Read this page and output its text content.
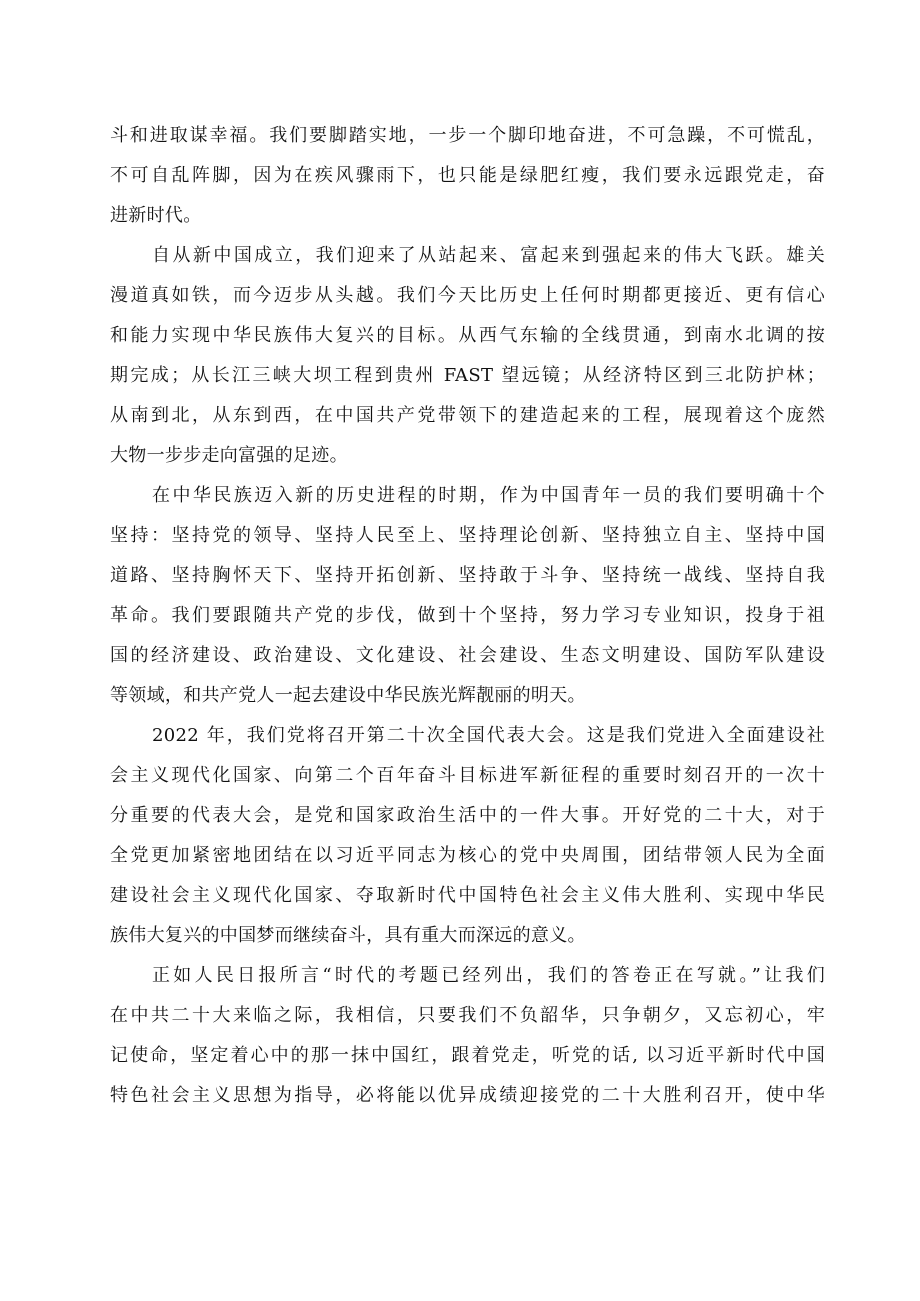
斗和进取谋幸福。我们要脚踏实地，一步一个脚印地奋进，不可急躁，不可慌乱，
不可自乱阵脚，因为在疾风骤雨下，也只能是绿肥红瘦，我们要永远跟党走，奋
进新时代。
自从新中国成立，我们迎来了从站起来、富起来到强起来的伟大飞跃。雄关
漫道真如铁，而今迈步从头越。我们今天比历史上任何时期都更接近、更有信心
和能力实现中华民族伟大复兴的目标。从西气东输的全线贯通，到南水北调的按
期完成；从长江三峡大坝工程到贵州 FAST 望远镜；从经济特区到三北防护林；
从南到北，从东到西，在中国共产党带领下的建造起来的工程，展现着这个庞然
大物一步步走向富强的足迹。
在中华民族迈入新的历史进程的时期，作为中国青年一员的我们要明确十个
坚持：坚持党的领导、坚持人民至上、坚持理论创新、坚持独立自主、坚持中国
道路、坚持胸怀天下、坚持开拓创新、坚持敢于斗争、坚持统一战线、坚持自我
革命。我们要跟随共产党的步伐，做到十个坚持，努力学习专业知识，投身于祖
国的经济建设、政治建设、文化建设、社会建设、生态文明建设、国防军队建设
等领域，和共产党人一起去建设中华民族光辉靓丽的明天。
2022 年，我们党将召开第二十次全国代表大会。这是我们党进入全面建设社
会主义现代化国家、向第二个百年奋斗目标进军新征程的重要时刻召开的一次十
分重要的代表大会，是党和国家政治生活中的一件大事。开好党的二十大，对于
全党更加紧密地团结在以习近平同志为核心的党中央周围，团结带领人民为全面
建设社会主义现代化国家、夺取新时代中国特色社会主义伟大胜利、实现中华民
族伟大复兴的中国梦而继续奋斗，具有重大而深远的意义。
正如人民日报所言“时代的考题已经列出，我们的答卷正在写就。”让我们
在中共二十大来临之际，我相信，只要我们不负韶华，只争朝夕，又忘初心，牢
记使命，坚定着心中的那一抹中国红，跟着党走，听党的话, 以习近平新时代中国
特色社会主义思想为指导，必将能以优异成绩迎接党的二十大胜利召开，使中华
